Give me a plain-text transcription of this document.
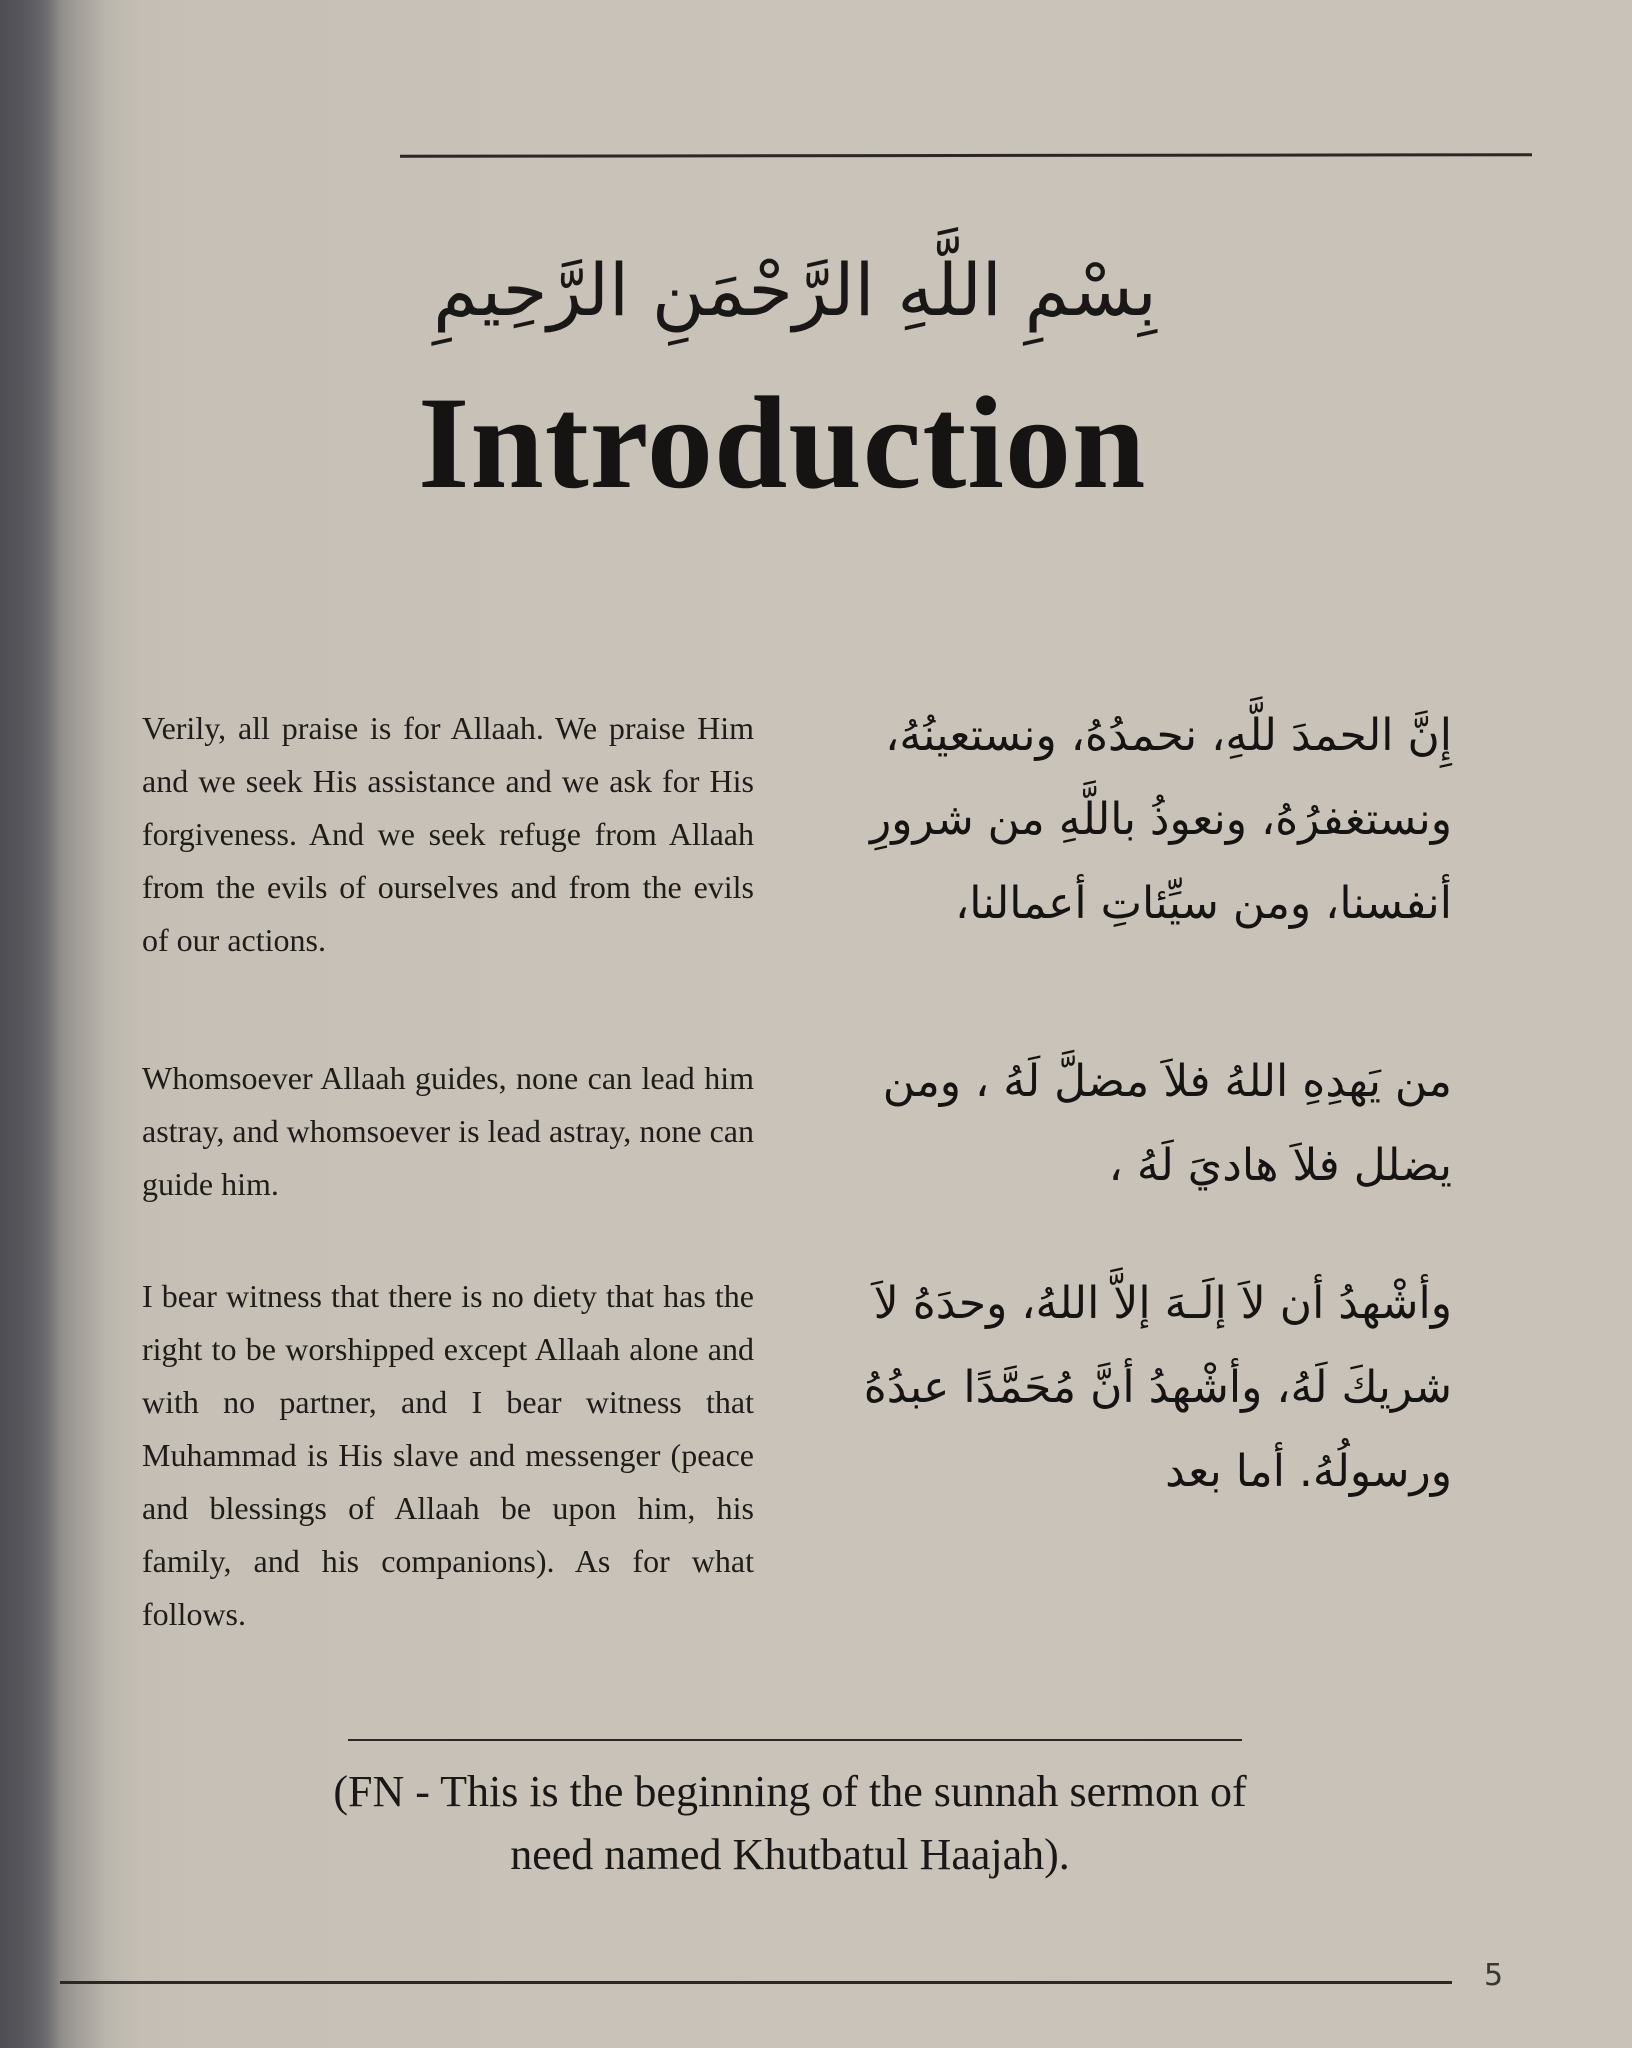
بِسْمِ اللَّهِ الرَّحْمَنِ الرَّحِيمِ
Introduction
Verily, all praise is for Allaah. We praise Him and we seek His assistance and we ask for His forgiveness. And we seek refuge from Allaah from the evils of ourselves and from the evils of our actions.
إِنَّ الحمدَ للَّهِ، نحمدُهُ، ونستعينُهُ، ونستغفرُهُ، ونعوذُ باللَّهِ من شرورِ أنفسنا، ومن سيِّئاتِ أعمالنا،
Whomsoever Allaah guides, none can lead him astray, and whomsoever is lead astray, none can guide him.
من يَهدِهِ اللهُ فلاَ مضلَّ لَهُ ، ومن يضلل فلاَ هاديَ لَهُ ،
I bear witness that there is no diety that has the right to be worshipped except Allaah alone and with no partner, and I bear witness that Muhammad is His slave and messenger (peace and blessings of Allaah be upon him, his family, and his companions). As for what follows.
وأشْهدُ أن لاَ إلَـهَ إلاَّ اللهُ، وحدَهُ لاَ شريكَ لَهُ، وأشْهدُ أنَّ مُحَمَّدًا عبدُهُ ورسولُهُ. أما بعد
(FN - This is the beginning of the sunnah sermon of need named Khutbatul Haajah).
5
